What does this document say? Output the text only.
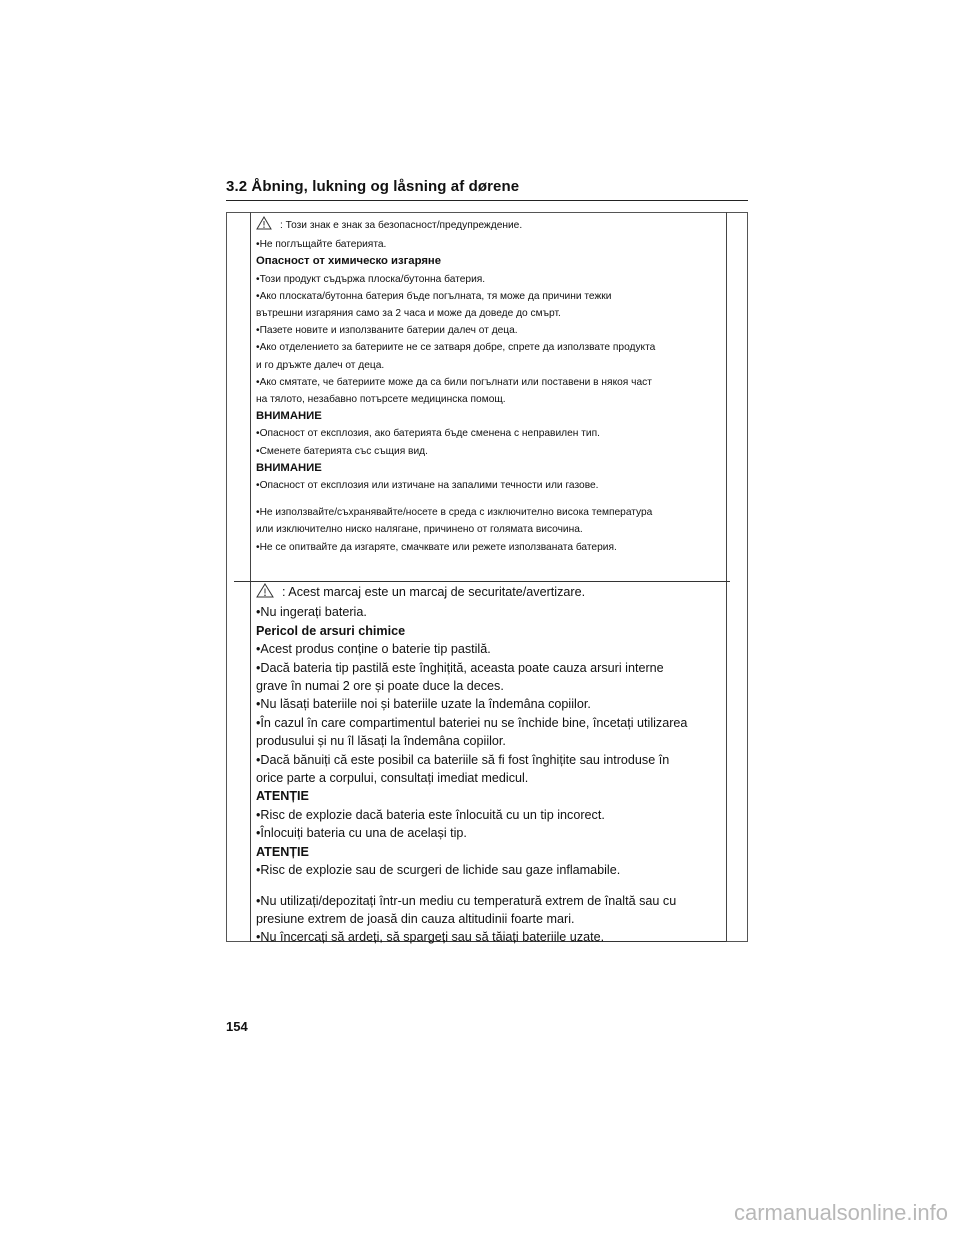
3.2 Åbning, lukning og låsning af dørene
: Този знак е знак за безопасност/предупреждение.
•Не поглъщайте батерията.
Опасност от химическо изгаряне
•Този продукт съдържа плоска/бутонна батерия.
•Ако плоската/бутонна батерия бъде погълната, тя може да причини тежки
вътрешни изгаряния само за 2 часа и може да доведе до смърт.
•Пазете новите и използваните батерии далеч от деца.
•Ако отделението за батериите не се затваря добре, спрете да използвате продукта
и го дръжте далеч от деца.
•Ако смятате, че батериите може да са били погълнати или поставени в някоя част
на тялото, незабавно потърсете медицинска помощ.
ВНИМАНИЕ
•Опасност от експлозия, ако батерията бъде сменена с неправилен тип.
•Сменете батерията със същия вид.
ВНИМАНИЕ
•Опасност от експлозия или изтичане на запалими течности или газове.
•Не използвайте/съхранявайте/носете в среда с изключително висока температура
или изключително ниско налягане, причинено от голямата височина.
•Не се опитвайте да изгаряте, смачквате или режете използваната батерия.
: Acest marcaj este un marcaj de securitate/avertizare.
•Nu ingerați bateria.
Pericol de arsuri chimice
•Acest produs conține o baterie tip pastilă.
•Dacă bateria tip pastilă este înghițită, aceasta poate cauza arsuri interne
grave în numai 2 ore și poate duce la deces.
•Nu lăsați bateriile noi și bateriile uzate la îndemâna copiilor.
•În cazul în care compartimentul bateriei nu se închide bine, încetați utilizarea
produsului și nu îl lăsați la îndemâna copiilor.
•Dacă bănuiți că este posibil ca bateriile să fi fost înghițite sau introduse în
orice parte a corpului, consultați imediat medicul.
ATENȚIE
•Risc de explozie dacă bateria este înlocuită cu un tip incorect.
•Înlocuiți bateria cu una de același tip.
ATENȚIE
•Risc de explozie sau de scurgeri de lichide sau gaze inflamabile.
•Nu utilizați/depozitați într-un mediu cu temperatură extrem de înaltă sau cu
presiune extrem de joasă din cauza altitudinii foarte mari.
•Nu încercați să ardeți, să spargeți sau să tăiați bateriile uzate.
154
carmanualsonline.info
